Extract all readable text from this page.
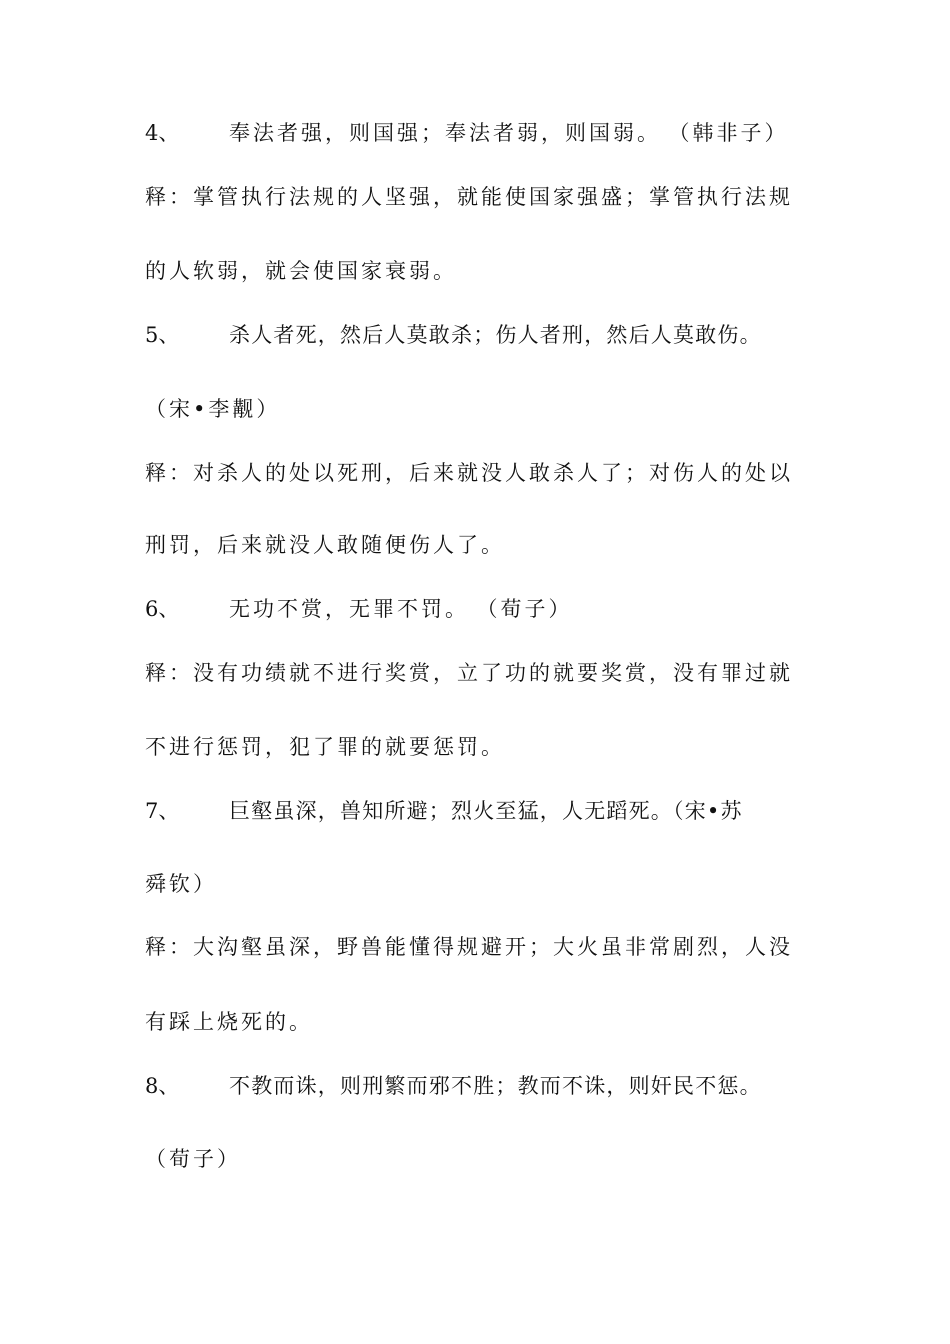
4、 奉法者强，则国强；奉法者弱，则国弱。 （韩非子）

释：掌管执行法规的人坚强，就能使国家强盛；掌管执行法规

的人软弱，就会使国家衰弱。

5、 杀人者死，然后人莫敢杀；伤人者刑，然后人莫敢伤。

（宋•李觏）

释：对杀人的处以死刑，后来就没人敢杀人了；对伤人的处以

刑罚，后来就没人敢随便伤人了。

6、 无功不赏，无罪不罚。 （荀子）

释：没有功绩就不进行奖赏，立了功的就要奖赏，没有罪过就

不进行惩罚，犯了罪的就要惩罚。

7、 巨壑虽深，兽知所避；烈火至猛，人无蹈死。（宋•苏

舜钦）

释：大沟壑虽深，野兽能懂得规避开；大火虽非常剧烈，人没

有踩上烧死的。

8、 不教而诛，则刑繁而邪不胜；教而不诛，则奸民不惩。

（荀子）
